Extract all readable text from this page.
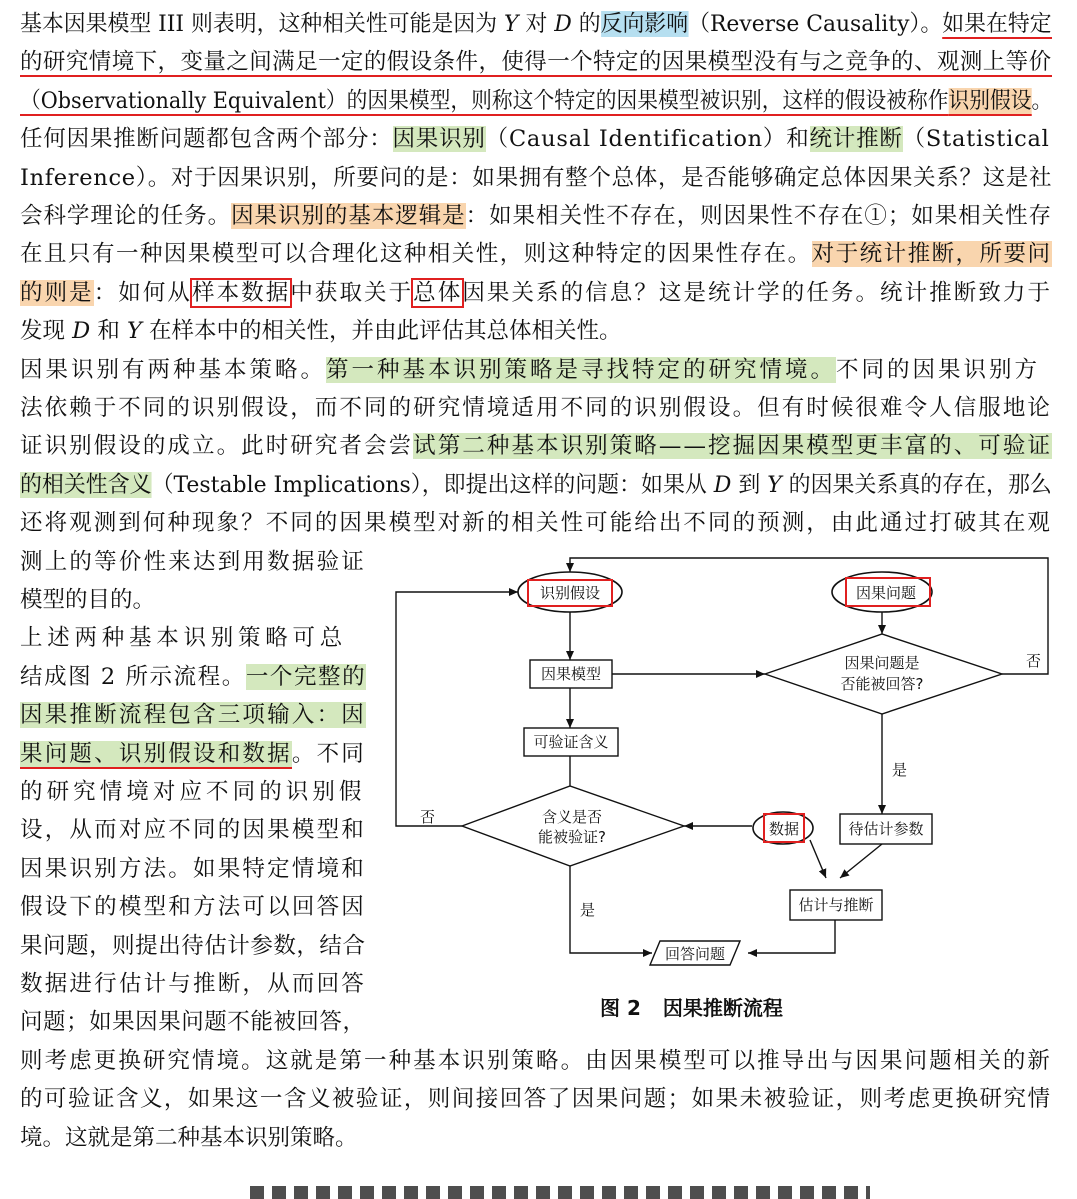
基本因果模型 III 则表明，这种相关性可能是因为 Y 对 D 的反向影响（Reverse Causality）。如果在特定
的研究情境下，变量之间满足一定的假设条件，使得一个特定的因果模型没有与之竞争的、观测上等价
（Observationally Equivalent）的因果模型，则称这个特定的因果模型被识别，这样的假设被称作识别假设。
任何因果推断问题都包含两个部分：因果识别（Causal Identification）和统计推断（Statistical
Inference）。对于因果识别，所要问的是：如果拥有整个总体，是否能够确定总体因果关系？这是社
会科学理论的任务。因果识别的基本逻辑是：如果相关性不存在，则因果性不存在①；如果相关性存
在且只有一种因果模型可以合理化这种相关性，则这种特定的因果性存在。对于统计推断，所要问
的则是：如何从样本数据中获取关于总体因果关系的信息？这是统计学的任务。统计推断致力于
发现 D 和 Y 在样本中的相关性，并由此评估其总体相关性。
因果识别有两种基本策略。第一种基本识别策略是寻找特定的研究情境。不同的因果识别方
法依赖于不同的识别假设，而不同的研究情境适用不同的识别假设。但有时候很难令人信服地论
证识别假设的成立。此时研究者会尝试第二种基本识别策略——挖掘因果模型更丰富的、可验证
的相关性含义（Testable Implications），即提出这样的问题：如果从 D 到 Y 的因果关系真的存在，那么
还将观测到何种现象？不同的因果模型对新的相关性可能给出不同的预测，由此通过打破其在观
测上的等价性来达到用数据验证
模型的目的。
上述两种基本识别策略可总
结成图 2 所示流程。一个完整的
因果推断流程包含三项输入：因
果问题、识别假设和数据。不同
的研究情境对应不同的识别假
设，从而对应不同的因果模型和
因果识别方法。如果特定情境和
假设下的模型和方法可以回答因
果问题，则提出待估计参数，结合
数据进行估计与推断，从而回答
问题；如果因果问题不能被回答，
则考虑更换研究情境。这就是第一种基本识别策略。由因果模型可以推导出与因果问题相关的新
的可验证含义，如果这一含义被验证，则间接回答了因果问题；如果未被验证，则考虑更换研究情
境。这就是第二种基本识别策略。
识别假设	因果问题
因果模型
因果问题是
否能被回答?
可验证含义
含义是否
能被验证?	数据	待估计参数
估计与推断
回答问题
否
是
否
是
图 2 因果推断流程
